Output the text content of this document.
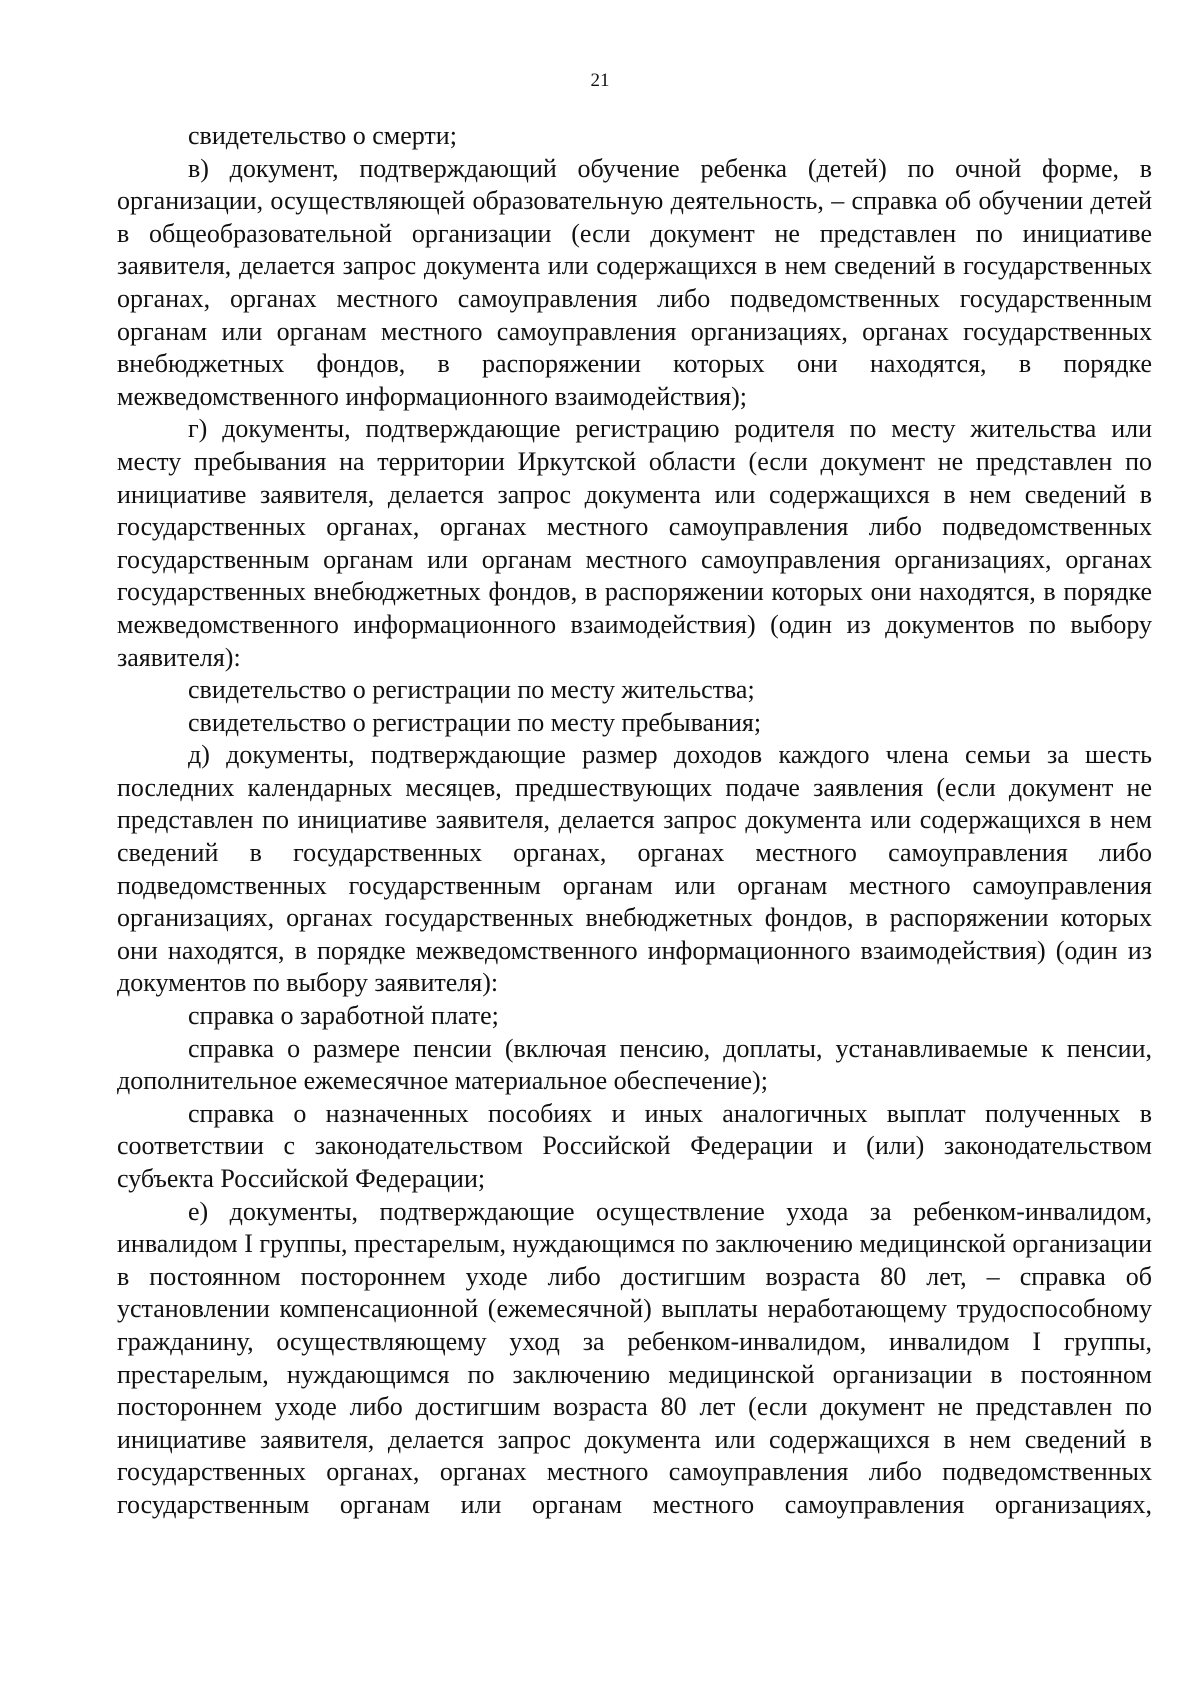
21

свидетельство о смерти;

в) документ, подтверждающий обучение ребенка (детей) по очной форме, в организации, осуществляющей образовательную деятельность, – справка об обучении детей в общеобразовательной организации (если документ не представлен по инициативе заявителя, делается запрос документа или содержащихся в нем сведений в государственных органах, органах местного самоуправления либо подведомственных государственным органам или органам местного самоуправления организациях, органах государственных внебюджетных фондов, в распоряжении которых они находятся, в порядке межведомственного информационного взаимодействия);

г) документы, подтверждающие регистрацию родителя по месту жительства или месту пребывания на территории Иркутской области (если документ не представлен по инициативе заявителя, делается запрос документа или содержащихся в нем сведений в государственных органах, органах местного самоуправления либо подведомственных государственным органам или органам местного самоуправления организациях, органах государственных внебюджетных фондов, в распоряжении которых они находятся, в порядке межведомственного информационного взаимодействия) (один из документов по выбору заявителя):

свидетельство о регистрации по месту жительства;

свидетельство о регистрации по месту пребывания;

д) документы, подтверждающие размер доходов каждого члена семьи за шесть последних календарных месяцев, предшествующих подаче заявления (если документ не представлен по инициативе заявителя, делается запрос документа или содержащихся в нем сведений в государственных органах, органах местного самоуправления либо подведомственных государственным органам или органам местного самоуправления организациях, органах государственных внебюджетных фондов, в распоряжении которых они находятся, в порядке межведомственного информационного взаимодействия) (один из документов по выбору заявителя):

справка о заработной плате;

справка о размере пенсии (включая пенсию, доплаты, устанавливаемые к пенсии, дополнительное ежемесячное материальное обеспечение);

справка о назначенных пособиях и иных аналогичных выплат полученных в соответствии с законодательством Российской Федерации и (или) законодательством субъекта Российской Федерации;

е) документы, подтверждающие осуществление ухода за ребенком-инвалидом, инвалидом I группы, престарелым, нуждающимся по заключению медицинской организации в постоянном постороннем уходе либо достигшим возраста 80 лет, – справка об установлении компенсационной (ежемесячной) выплаты неработающему трудоспособному гражданину, осуществляющему уход за ребенком-инвалидом, инвалидом I группы, престарелым, нуждающимся по заключению медицинской организации в постоянном постороннем уходе либо достигшим возраста 80 лет (если документ не представлен по инициативе заявителя, делается запрос документа или содержащихся в нем сведений в государственных органах, органах местного самоуправления либо подведомственных государственным органам или органам местного самоуправления организациях,
